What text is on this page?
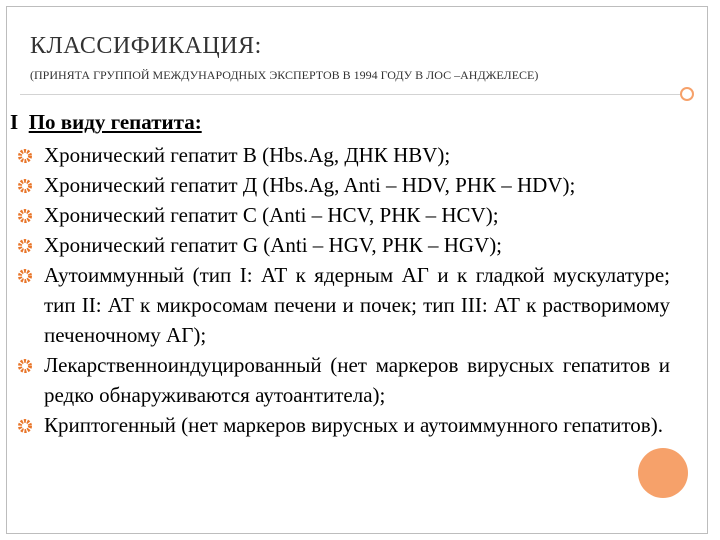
КЛАССИФИКАЦИЯ:
(ПРИНЯТА ГРУППОЙ МЕЖДУНАРОДНЫХ ЭКСПЕРТОВ В 1994 ГОДУ В ЛОС –АНДЖЕЛЕСЕ)
I По виду гепатита:
Хронический гепатит В (Hbs.Ag, ДНК HBV);
Хронический гепатит Д (Hbs.Ag, Anti – HDV, РНК – HDV);
Хронический гепатит С (Anti – HCV, РНК – HCV);
Хронический гепатит G (Anti – HGV, РНК – HGV);
Аутоиммунный (тип I: АТ к ядерным АГ и к гладкой мускулатуре; тип II: АТ к микросомам печени и почек; тип III: АТ к растворимому печеночному АГ);
Лекарственноиндуцированный (нет маркеров вирусных гепатитов и редко обнаруживаются аутоантитела);
Криптогенный (нет маркеров вирусных и аутоиммунного гепатитов).
